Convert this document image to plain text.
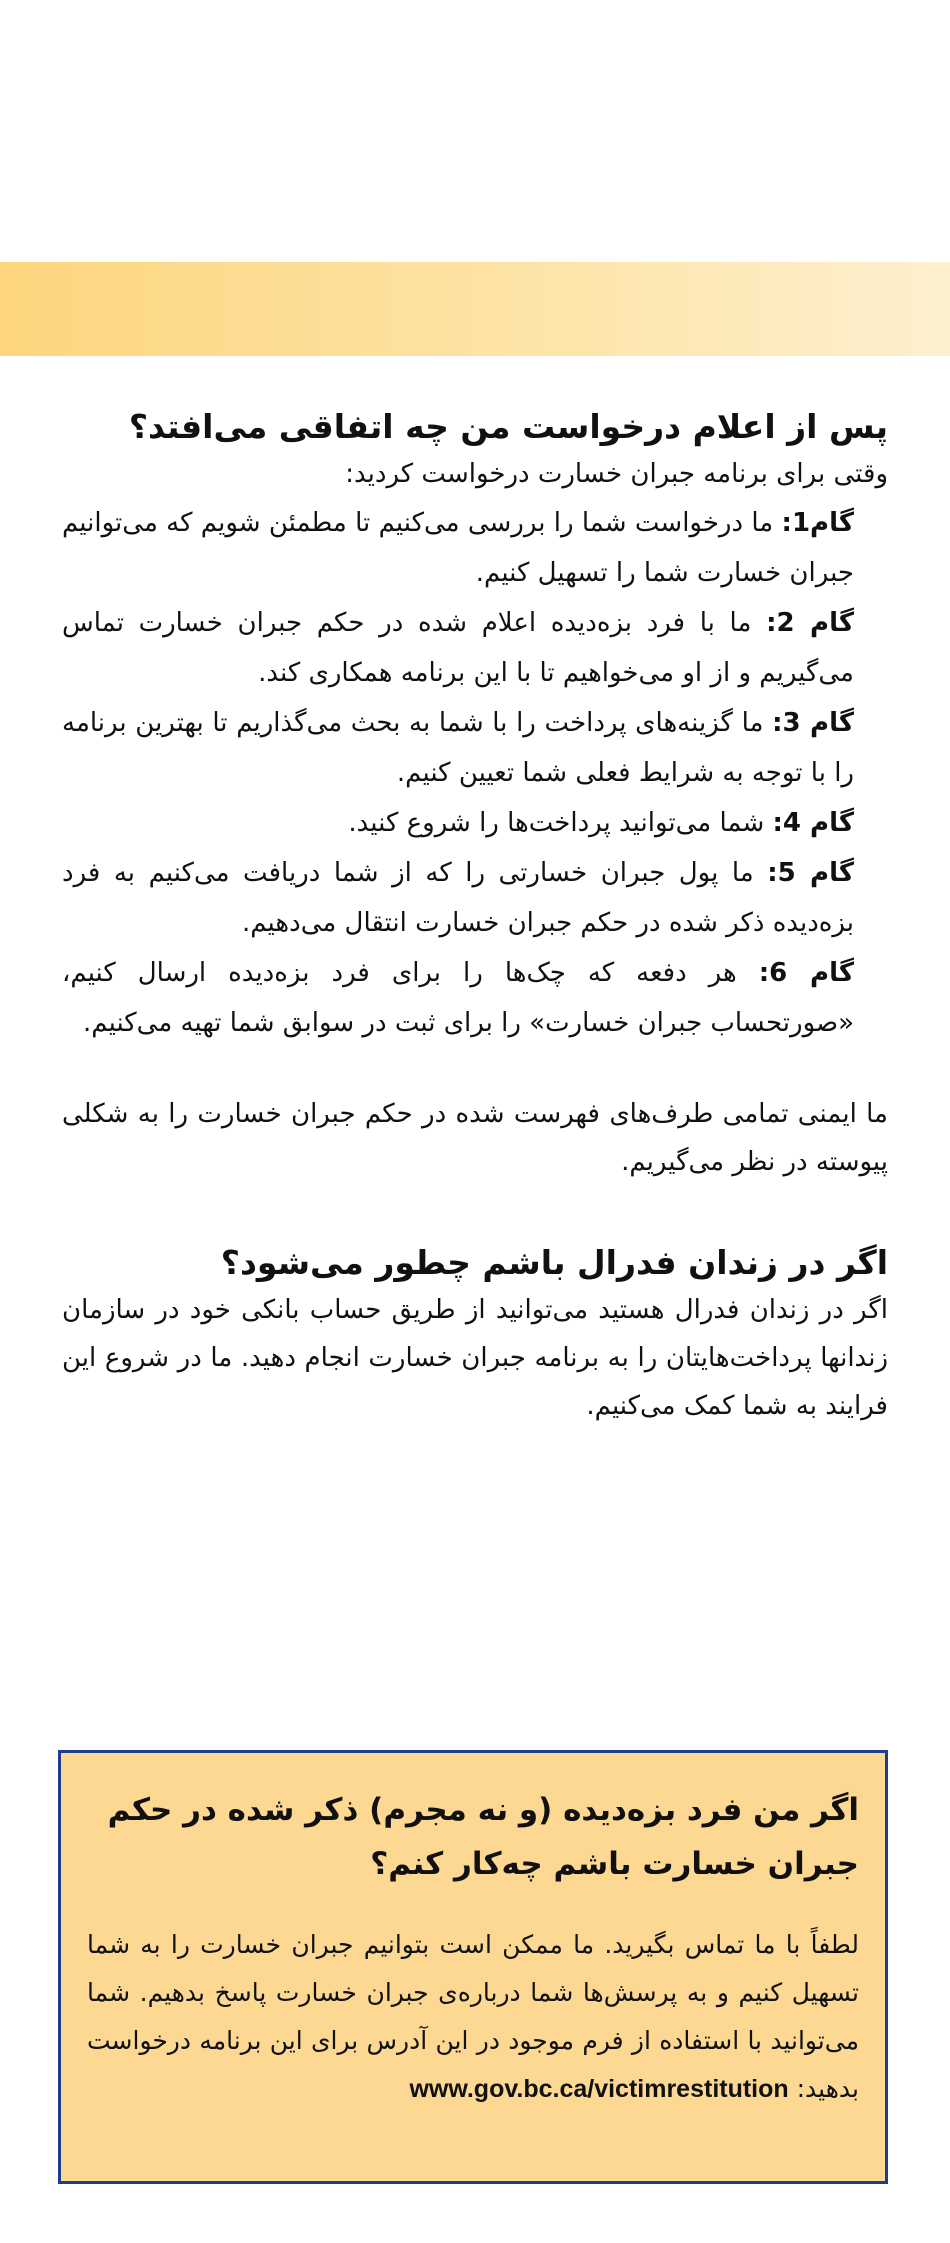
پس از اعلام درخواست من چه اتفاقی می‌افتد؟

وقتی برای برنامه جبران خسارت درخواست کردید:

گام1: ما درخواست شما را بررسی می‌کنیم تا مطمئن شویم که می‌توانیم جبران خسارت شما را تسهیل کنیم.
گام 2: ما با فرد بزه‌دیده اعلام شده در حکم جبران خسارت تماس می‌گیریم و از او می‌خواهیم تا با این برنامه همکاری کند.
گام 3: ما گزینه‌های پرداخت را با شما به بحث می‌گذاریم تا بهترین برنامه را با توجه به شرایط فعلی شما تعیین کنیم.
گام 4: شما می‌توانید پرداخت‌ها را شروع کنید.
گام 5: ما پول جبران خسارتی را که از شما دریافت می‌کنیم به فرد بزه‌دیده ذکر شده در حکم جبران خسارت انتقال می‌دهیم.
گام 6: هر دفعه که چک‌ها را برای فرد بزه‌دیده ارسال کنیم، «صورتحساب جبران خسارت» را برای ثبت در سوابق شما تهیه می‌کنیم.

ما ایمنی تمامی طرف‌های فهرست شده در حکم جبران خسارت را به شکلی پیوسته در نظر می‌گیریم.

اگر در زندان فدرال باشم چطور می‌شود؟

اگر در زندان فدرال هستید می‌توانید از طریق حساب بانکی خود در سازمان زندانها پرداخت‌هایتان را به برنامه جبران خسارت انجام دهید. ما در شروع این فرایند به شما کمک می‌کنیم.

اگر من فرد بزه‌دیده (و نه مجرم) ذکر شده در حکم جبران خسارت باشم چه‌کار کنم؟

لطفاً با ما تماس بگیرید. ما ممکن است بتوانیم جبران خسارت را به شما تسهیل کنیم و به پرسش‌ها شما درباره‌ی جبران خسارت پاسخ بدهیم. شما می‌توانید با استفاده از فرم موجود در این آدرس برای این برنامه درخواست بدهید: www.gov.bc.ca/victimrestitution
